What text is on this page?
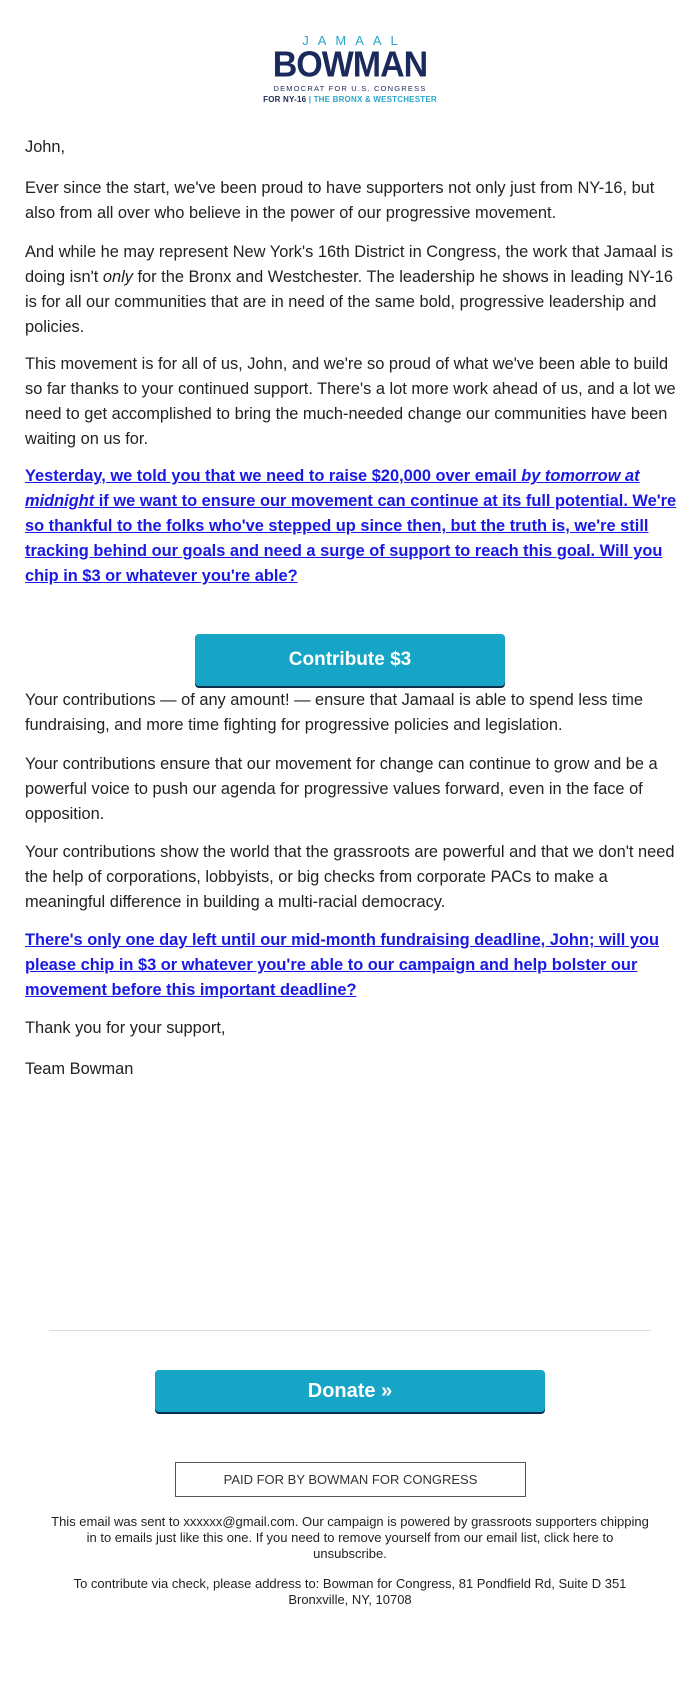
JAMAAL
BOWMAN
DEMOCRAT FOR U.S. CONGRESS
FOR NY-16 | THE BRONX & WESTCHESTER

John,

Ever since the start, we've been proud to have supporters not only just from NY-16, but also from all over who believe in the power of our progressive movement.

And while he may represent New York's 16th District in Congress, the work that Jamaal is doing isn't only for the Bronx and Westchester. The leadership he shows in leading NY-16 is for all our communities that are in need of the same bold, progressive leadership and policies.

This movement is for all of us, John, and we're so proud of what we've been able to build so far thanks to your continued support. There's a lot more work ahead of us, and a lot we need to get accomplished to bring the much-needed change our communities have been waiting on us for.

Yesterday, we told you that we need to raise $20,000 over email by tomorrow at midnight if we want to ensure our movement can continue at its full potential. We're so thankful to the folks who've stepped up since then, but the truth is, we're still tracking behind our goals and need a surge of support to reach this goal. Will you chip in $3 or whatever you're able?

Contribute $3

Your contributions — of any amount! — ensure that Jamaal is able to spend less time fundraising, and more time fighting for progressive policies and legislation.

Your contributions ensure that our movement for change can continue to grow and be a powerful voice to push our agenda for progressive values forward, even in the face of opposition.

Your contributions show the world that the grassroots are powerful and that we don't need the help of corporations, lobbyists, or big checks from corporate PACs to make a meaningful difference in building a multi-racial democracy.

There's only one day left until our mid-month fundraising deadline, John; will you please chip in $3 or whatever you're able to our campaign and help bolster our movement before this important deadline?

Thank you for your support,

Team Bowman

Donate »
PAID FOR BY BOWMAN FOR CONGRESS

This email was sent to xxxxxx@gmail.com. Our campaign is powered by grassroots supporters chipping in to emails just like this one. If you need to remove yourself from our email list, click here to unsubscribe.

To contribute via check, please address to: Bowman for Congress, 81 Pondfield Rd, Suite D 351
Bronxville, NY, 10708
